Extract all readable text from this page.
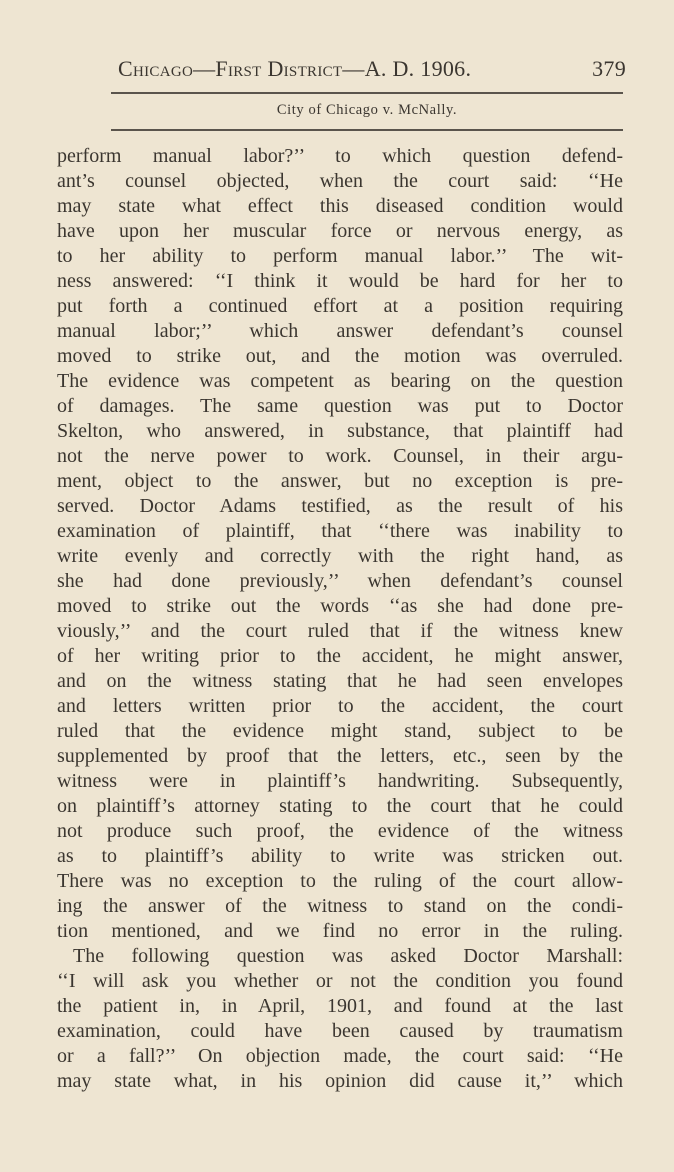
Chicago—First District—A. D. 1906.	379
City of Chicago v. McNally.
perform manual labor?’’ to which question defend-
ant’s counsel objected, when the court said: ‘‘He
may state what effect this diseased condition would
have upon her muscular force or nervous energy, as
to her ability to perform manual labor.’’ The wit-
ness answered: ‘‘I think it would be hard for her to
put forth a continued effort at a position requiring
manual labor;’’ which answer defendant’s counsel
moved to strike out, and the motion was overruled.
The evidence was competent as bearing on the question
of damages. The same question was put to Doctor
Skelton, who answered, in substance, that plaintiff had
not the nerve power to work. Counsel, in their argu-
ment, object to the answer, but no exception is pre-
served. Doctor Adams testified, as the result of his
examination of plaintiff, that ‘‘there was inability to
write evenly and correctly with the right hand, as
she had done previously,’’ when defendant’s counsel
moved to strike out the words ‘‘as she had done pre-
viously,’’ and the court ruled that if the witness knew
of her writing prior to the accident, he might answer,
and on the witness stating that he had seen envelopes
and letters written prior to the accident, the court
ruled that the evidence might stand, subject to be
supplemented by proof that the letters, etc., seen by the
witness were in plaintiff’s handwriting. Subsequently,
on plaintiff’s attorney stating to the court that he could
not produce such proof, the evidence of the witness
as to plaintiff’s ability to write was stricken out.
There was no exception to the ruling of the court allow-
ing the answer of the witness to stand on the condi-
tion mentioned, and we find no error in the ruling.
The following question was asked Doctor Marshall:
‘‘I will ask you whether or not the condition you found
the patient in, in April, 1901, and found at the last
examination, could have been caused by traumatism
or a fall?’’ On objection made, the court said: ‘‘He
may state what, in his opinion did cause it,’’ which
